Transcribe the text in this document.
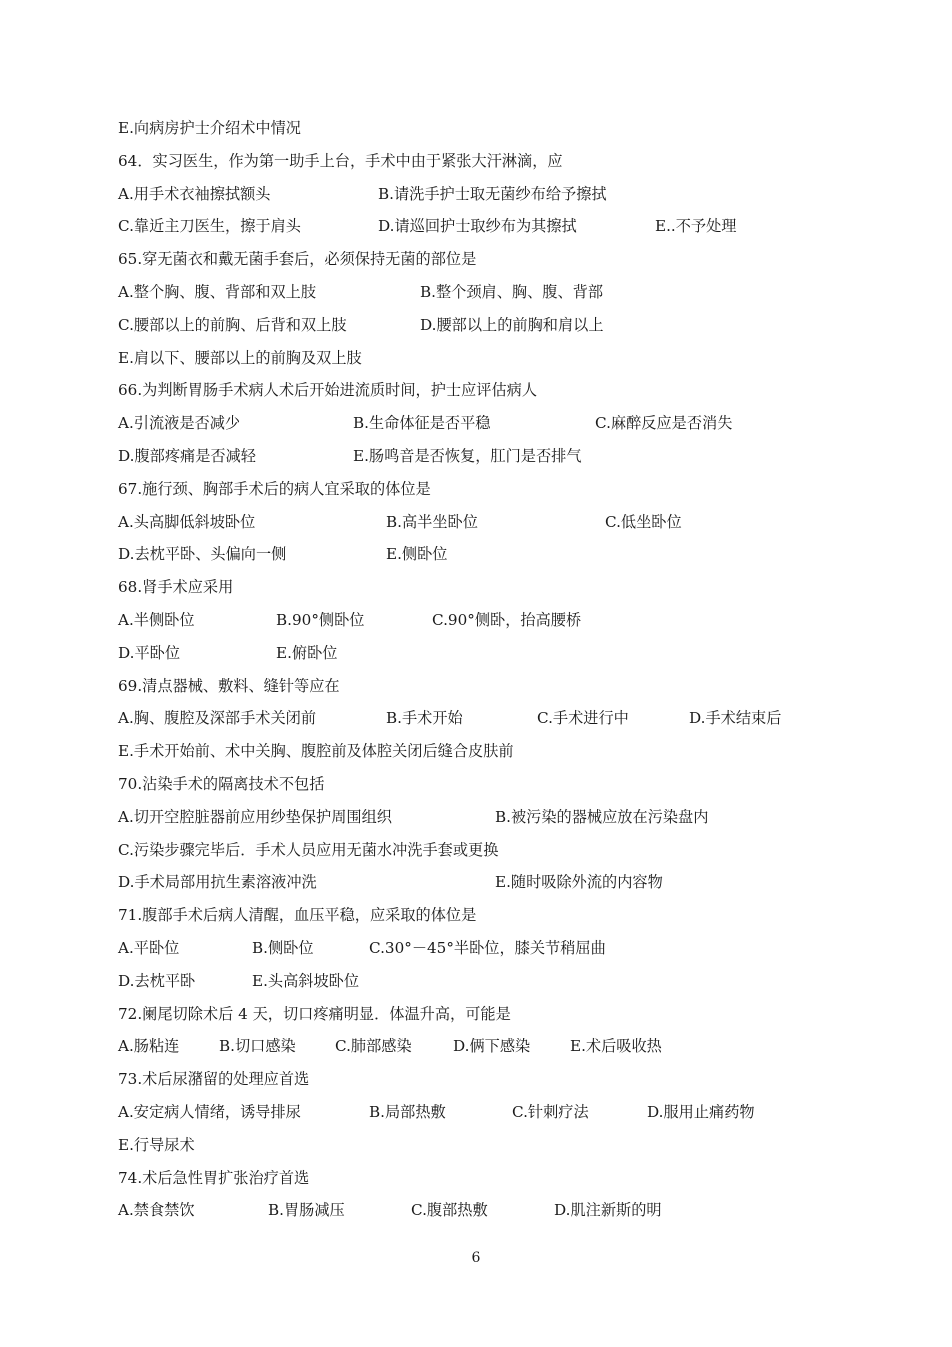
E.向病房护士介绍术中情况
64．实习医生，作为第一助手上台，手术中由于紧张大汗淋滴，应
A.用手术衣袖擦拭额头	B.请洗手护士取无菌纱布给予擦拭
C.靠近主刀医生，擦于肩头	D.请巡回护士取纱布为其擦拭	E..不予处理
65.穿无菌衣和戴无菌手套后，必须保持无菌的部位是
A.整个胸、腹、背部和双上肢	B.整个颈肩、胸、腹、背部
C.腰部以上的前胸、后背和双上肢	D.腰部以上的前胸和肩以上
E.肩以下、腰部以上的前胸及双上肢
66.为判断胃肠手术病人术后开始进流质时间，护士应评估病人
A.引流液是否减少	B.生命体征是否平稳	C.麻醉反应是否消失
D.腹部疼痛是否减轻	E.肠鸣音是否恢复，肛门是否排气
67.施行颈、胸部手术后的病人宜采取的体位是
A.头高脚低斜坡卧位	B.高半坐卧位	C.低坐卧位
D.去枕平卧、头偏向一侧	E.侧卧位
68.肾手术应采用
A.半侧卧位	B.90°侧卧位	C.90°侧卧，抬高腰桥
D.平卧位	E.俯卧位
69.清点器械、敷料、缝针等应在
A.胸、腹腔及深部手术关闭前	B.手术开始	C.手术进行中	D.手术结束后
E.手术开始前、术中关胸、腹腔前及体腔关闭后缝合皮肤前
70.沾染手术的隔离技术不包括
A.切开空腔脏器前应用纱垫保护周围组织	B.被污染的器械应放在污染盘内
C.污染步骤完毕后．手术人员应用无菌水冲洗手套或更换
D.手术局部用抗生素溶液冲洗	E.随时吸除外流的内容物
71.腹部手术后病人清醒，血压平稳，应采取的体位是
A.平卧位	B.侧卧位	C.30°－45°半卧位，膝关节稍屈曲
D.去枕平卧	E.头高斜坡卧位
72.阑尾切除术后 4 天，切口疼痛明显．体温升高，可能是
A.肠粘连	B.切口感染	C.肺部感染	D.俩下感染	E.术后吸收热
73.术后尿潴留的处理应首选
A.安定病人情绪，诱导排尿	B.局部热敷	C.针刺疗法	D.服用止痛药物
E.行导尿术
74.术后急性胃扩张治疗首选
A.禁食禁饮	B.胃肠减压	C.腹部热敷	D.肌注新斯的明
6
